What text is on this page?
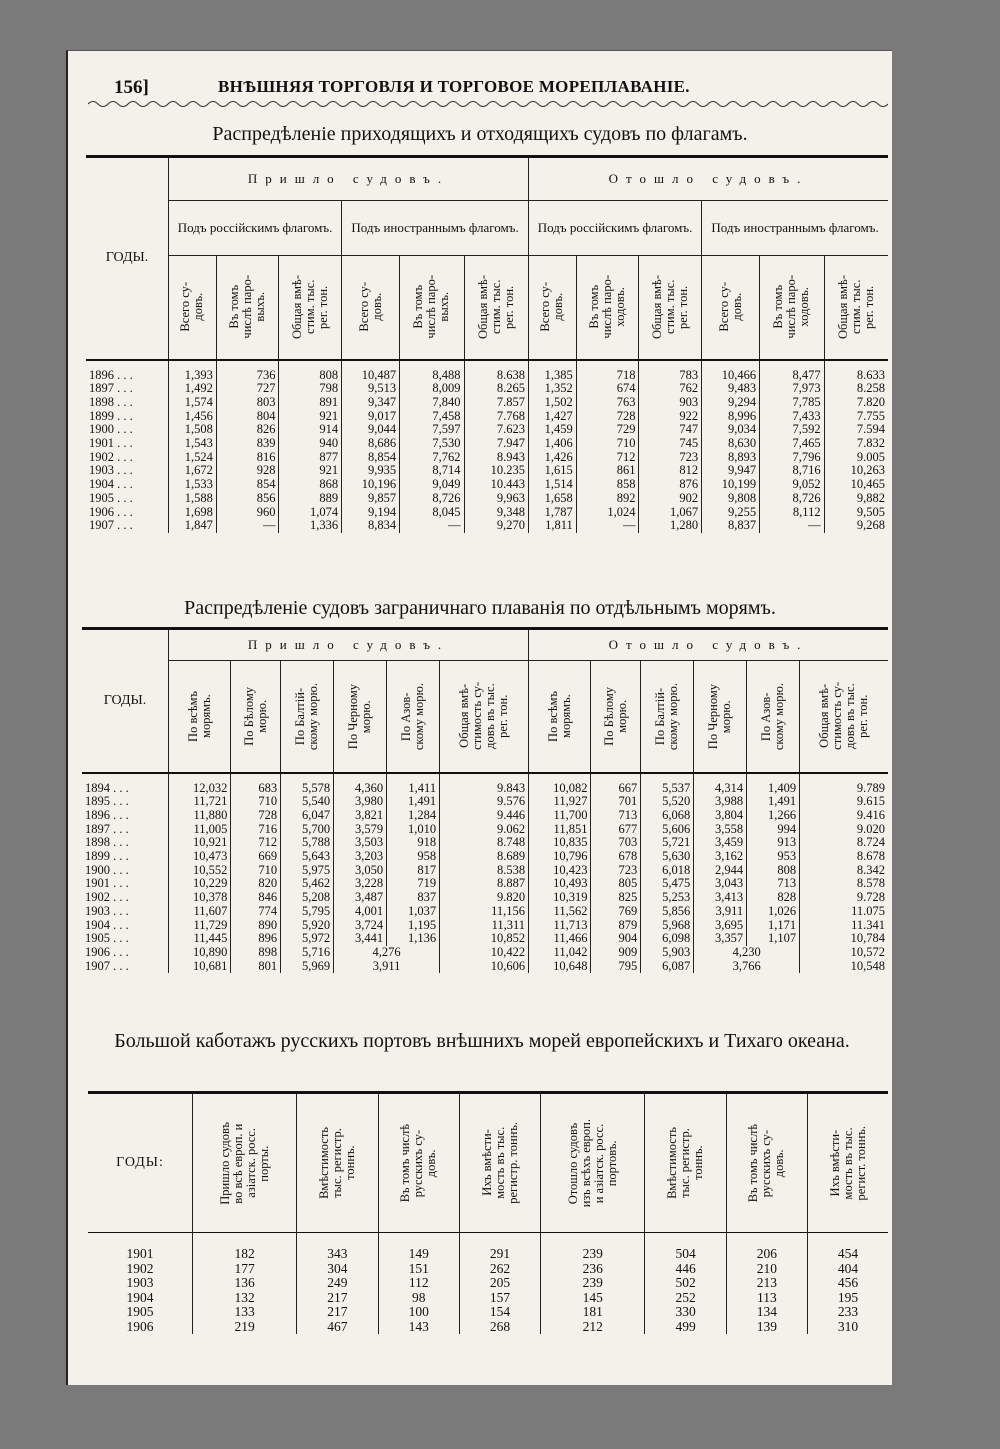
156]	ВНѢШНЯЯ ТОРГОВЛЯ И ТОРГОВОЕ МОРЕПЛАВАНІЕ.
Распредѣленіе приходящихъ и отходящихъ судовъ по флагамъ.
ГОДЫ.	Пришло судовъ.						Отошло судовъ.					
	Подъ россійскимъ флагомъ.			Подъ иностраннымъ флагомъ.			Подъ россійскимъ флагомъ.			Подъ иностраннымъ флагомъ.		

	Всего су-
довъ.	Въ томъ
числѣ паро-
выхъ.	Общая вмѣ-
стим. тыс.
рег. тон.	Всего су-
довъ.	Въ томъ
числѣ паро-
выхъ.	Общая вмѣ-
стим. тыс.
рег. тон.	Всего су-
довъ.	Въ томъ
числѣ паро-
ходовъ.	Общая вмѣ-
стим. тыс.
рег. тон.	Всего су-
довъ.	Въ томъ
числѣ паро-
ходовъ.	Общая вмѣ-
стим. тыс.
рег. тон.

1896 . . .	1,393	736	808	10,487	8,488	8.638	1,385	718	783	10,466	8,477	8.633
1897 . . .	1,492	727	798	9,513	8,009	8.265	1,352	674	762	9,483	7,973	8.258
1898 . . .	1,574	803	891	9,347	7,840	7.857	1,502	763	903	9,294	7,785	7.820
1899 . . .	1,456	804	921	9,017	7,458	7.768	1,427	728	922	8,996	7,433	7.755
1900 . . .	1,508	826	914	9,044	7,597	7.623	1,459	729	747	9,034	7,592	7.594
1901 . . .	1,543	839	940	8,686	7,530	7.947	1,406	710	745	8,630	7,465	7.832
1902 . . .	1,524	816	877	8,854	7,762	8.943	1,426	712	723	8,893	7,796	9.005
1903 . . .	1,672	928	921	9,935	8,714	10.235	1,615	861	812	9,947	8,716	10,263
1904 . . .	1,533	854	868	10,196	9,049	10.443	1,514	858	876	10,199	9,052	10,465
1905 . . .	1,588	856	889	9,857	8,726	9,963	1,658	892	902	9,808	8,726	9,882
1906 . . .	1,698	960	1,074	9,194	8,045	9,348	1,787	1,024	1,067	9,255	8,112	9,505
1907 . . .	1,847	—	1,336	8,834	—	9,270	1,811	—	1,280	8,837	—	9,268
Распредѣленіе судовъ заграничнаго плаванія по отдѣльнымъ морямъ.
ГОДЫ.	Пришло судовъ.						Отошло судовъ.					

	По всѣмъ
морямъ.	По Бѣлому
морю.	По Балтій-
скому морю.	По Черному
морю.	По Азов-
скому морю.	Общая вмѣ-
стимость су-
довъ въ тыс.
рег. тон.	По всѣмъ
морямъ.	По Бѣлому
морю.	По Балтій-
скому морю.	По Черному
морю.	По Азов-
скому морю.	Общая вмѣ-
стимость су-
довъ въ тыс.
рег. тон.

1894 . . .	12,032	683	5,578	4,360	1,411	9.843	10,082	667	5,537	4,314	1,409	9.789
1895 . . .	11,721	710	5,540	3,980	1,491	9.576	11,927	701	5,520	3,988	1,491	9.615
1896 . . .	11,880	728	6,047	3,821	1,284	9.446	11,700	713	6,068	3,804	1,266	9.416
1897 . . .	11,005	716	5,700	3,579	1,010	9.062	11,851	677	5,606	3,558	994	9.020
1898 . . .	10,921	712	5,788	3,503	918	8.748	10,835	703	5,721	3,459	913	8.724
1899 . . .	10,473	669	5,643	3,203	958	8.689	10,796	678	5,630	3,162	953	8.678
1900 . . .	10,552	710	5,975	3,050	817	8.538	10,423	723	6,018	2,944	808	8.342
1901 . . .	10,229	820	5,462	3,228	719	8.887	10,493	805	5,475	3,043	713	8.578
1902 . . .	10,378	846	5,208	3,487	837	9.820	10,319	825	5,253	3,413	828	9.728
1903 . . .	11,607	774	5,795	4,001	1,037	11,156	11,562	769	5,856	3,911	1,026	11.075
1904 . . .	11,729	890	5,920	3,724	1,195	11,311	11,713	879	5,968	3,695	1,171	11.341
1905 . . .	11,445	896	5,972	3,441	1,136	10,852	11,466	904	6,098	3,357	1,107	10,784
1906 . . .	10,890	898	5,716	4,276		10,422	11,042	909	5,903	4,230		10,572
1907 . . .	10,681	801	5,969	3,911		10,606	10,648	795	6,087	3,766		10,548
Большой каботажъ русскихъ портовъ внѣшнихъ морей европейскихъ и Тихаго океана.
ГОДЫ:	Пришло судовъ
во всѣ европ. и
азіатск. росс.
порты.	Вмѣстимость
тыс. регистр.
тоннъ.	Въ томъ числѣ
русскихъ су-
довъ.	Ихъ вмѣсти-
мость въ тыс.
регистр. тоннъ.	Отошло судовъ
изъ всѣхъ европ.
и азіатск. росс.
портовъ.	Вмѣстимость
тыс. регистр.
тоннъ.	Въ томъ числѣ
русскихъ су-
довъ.	Ихъ вмѣсти-
мость въ тыс.
регист. тоннъ.

1901	182	343	149	291	239	504	206	454
1902	177	304	151	262	236	446	210	404
1903	136	249	112	205	239	502	213	456
1904	132	217	98	157	145	252	113	195
1905	133	217	100	154	181	330	134	233
1906	219	467	143	268	212	499	139	310
